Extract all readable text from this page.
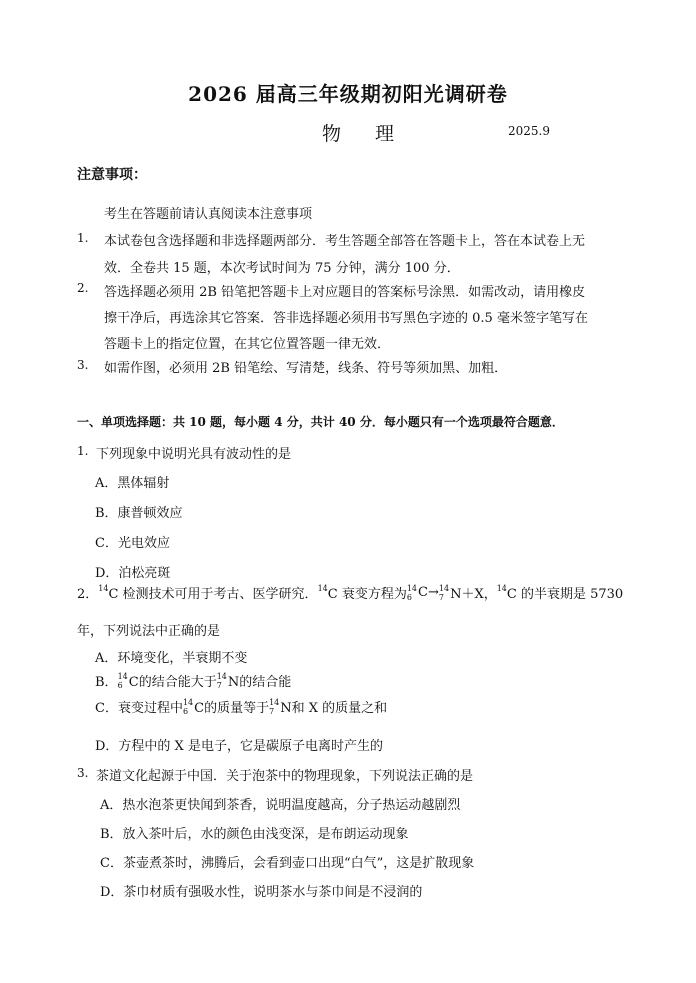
2026 届高三年级期初阳光调研卷
物 理	2025.9
注意事项：
考生在答题前请认真阅读本注意事项
1. 本试卷包含选择题和非选择题两部分．考生答题全部答在答题卡上，答在本试卷上无
效．全卷共 15 题，本次考试时间为 75 分钟，满分 100 分．
2. 答选择题必须用 2B 铅笔把答题卡上对应题目的答案标号涂黑．如需改动，请用橡皮
擦干净后，再选涂其它答案．答非选择题必须用书写黑色字迹的 0.5 毫米签字笔写在
答题卡上的指定位置，在其它位置答题一律无效．
3. 如需作图，必须用 2B 铅笔绘、写清楚，线条、符号等须加黑、加粗．
一、单项选择题：共 10 题，每小题 4 分，共计 40 分．每小题只有一个选项最符合题意．
1. 下列现象中说明光具有波动性的是
A．黑体辐射
B．康普顿效应
C．光电效应
D．泊松亮斑
2．$^{14}$ C 检测技术可用于考古、医学研究．$^{14}$ C 衰变方程为 14
6 C→ 14
7 N＋X，$^{14}$ C 的半衰期是 5730
年，下列说法中正确的是
A．环境变化，半衰期不变
B． 14
6 C的结合能大于 14
7 N的结合能
C．衰变过程中 14
6 C的质量等于 14
7 N和 X 的质量之和
D．方程中的 X 是电子，它是碳原子电离时产生的
3. 茶道文化起源于中国．关于泡茶中的物理现象，下列说法正确的是
A．热水泡茶更快闻到茶香，说明温度越高，分子热运动越剧烈
B．放入茶叶后，水的颜色由浅变深，是布朗运动现象
C．茶壶煮茶时，沸腾后，会看到壶口出现“白气”，这是扩散现象
D．茶巾材质有强吸水性，说明茶水与茶巾间是不浸润的
